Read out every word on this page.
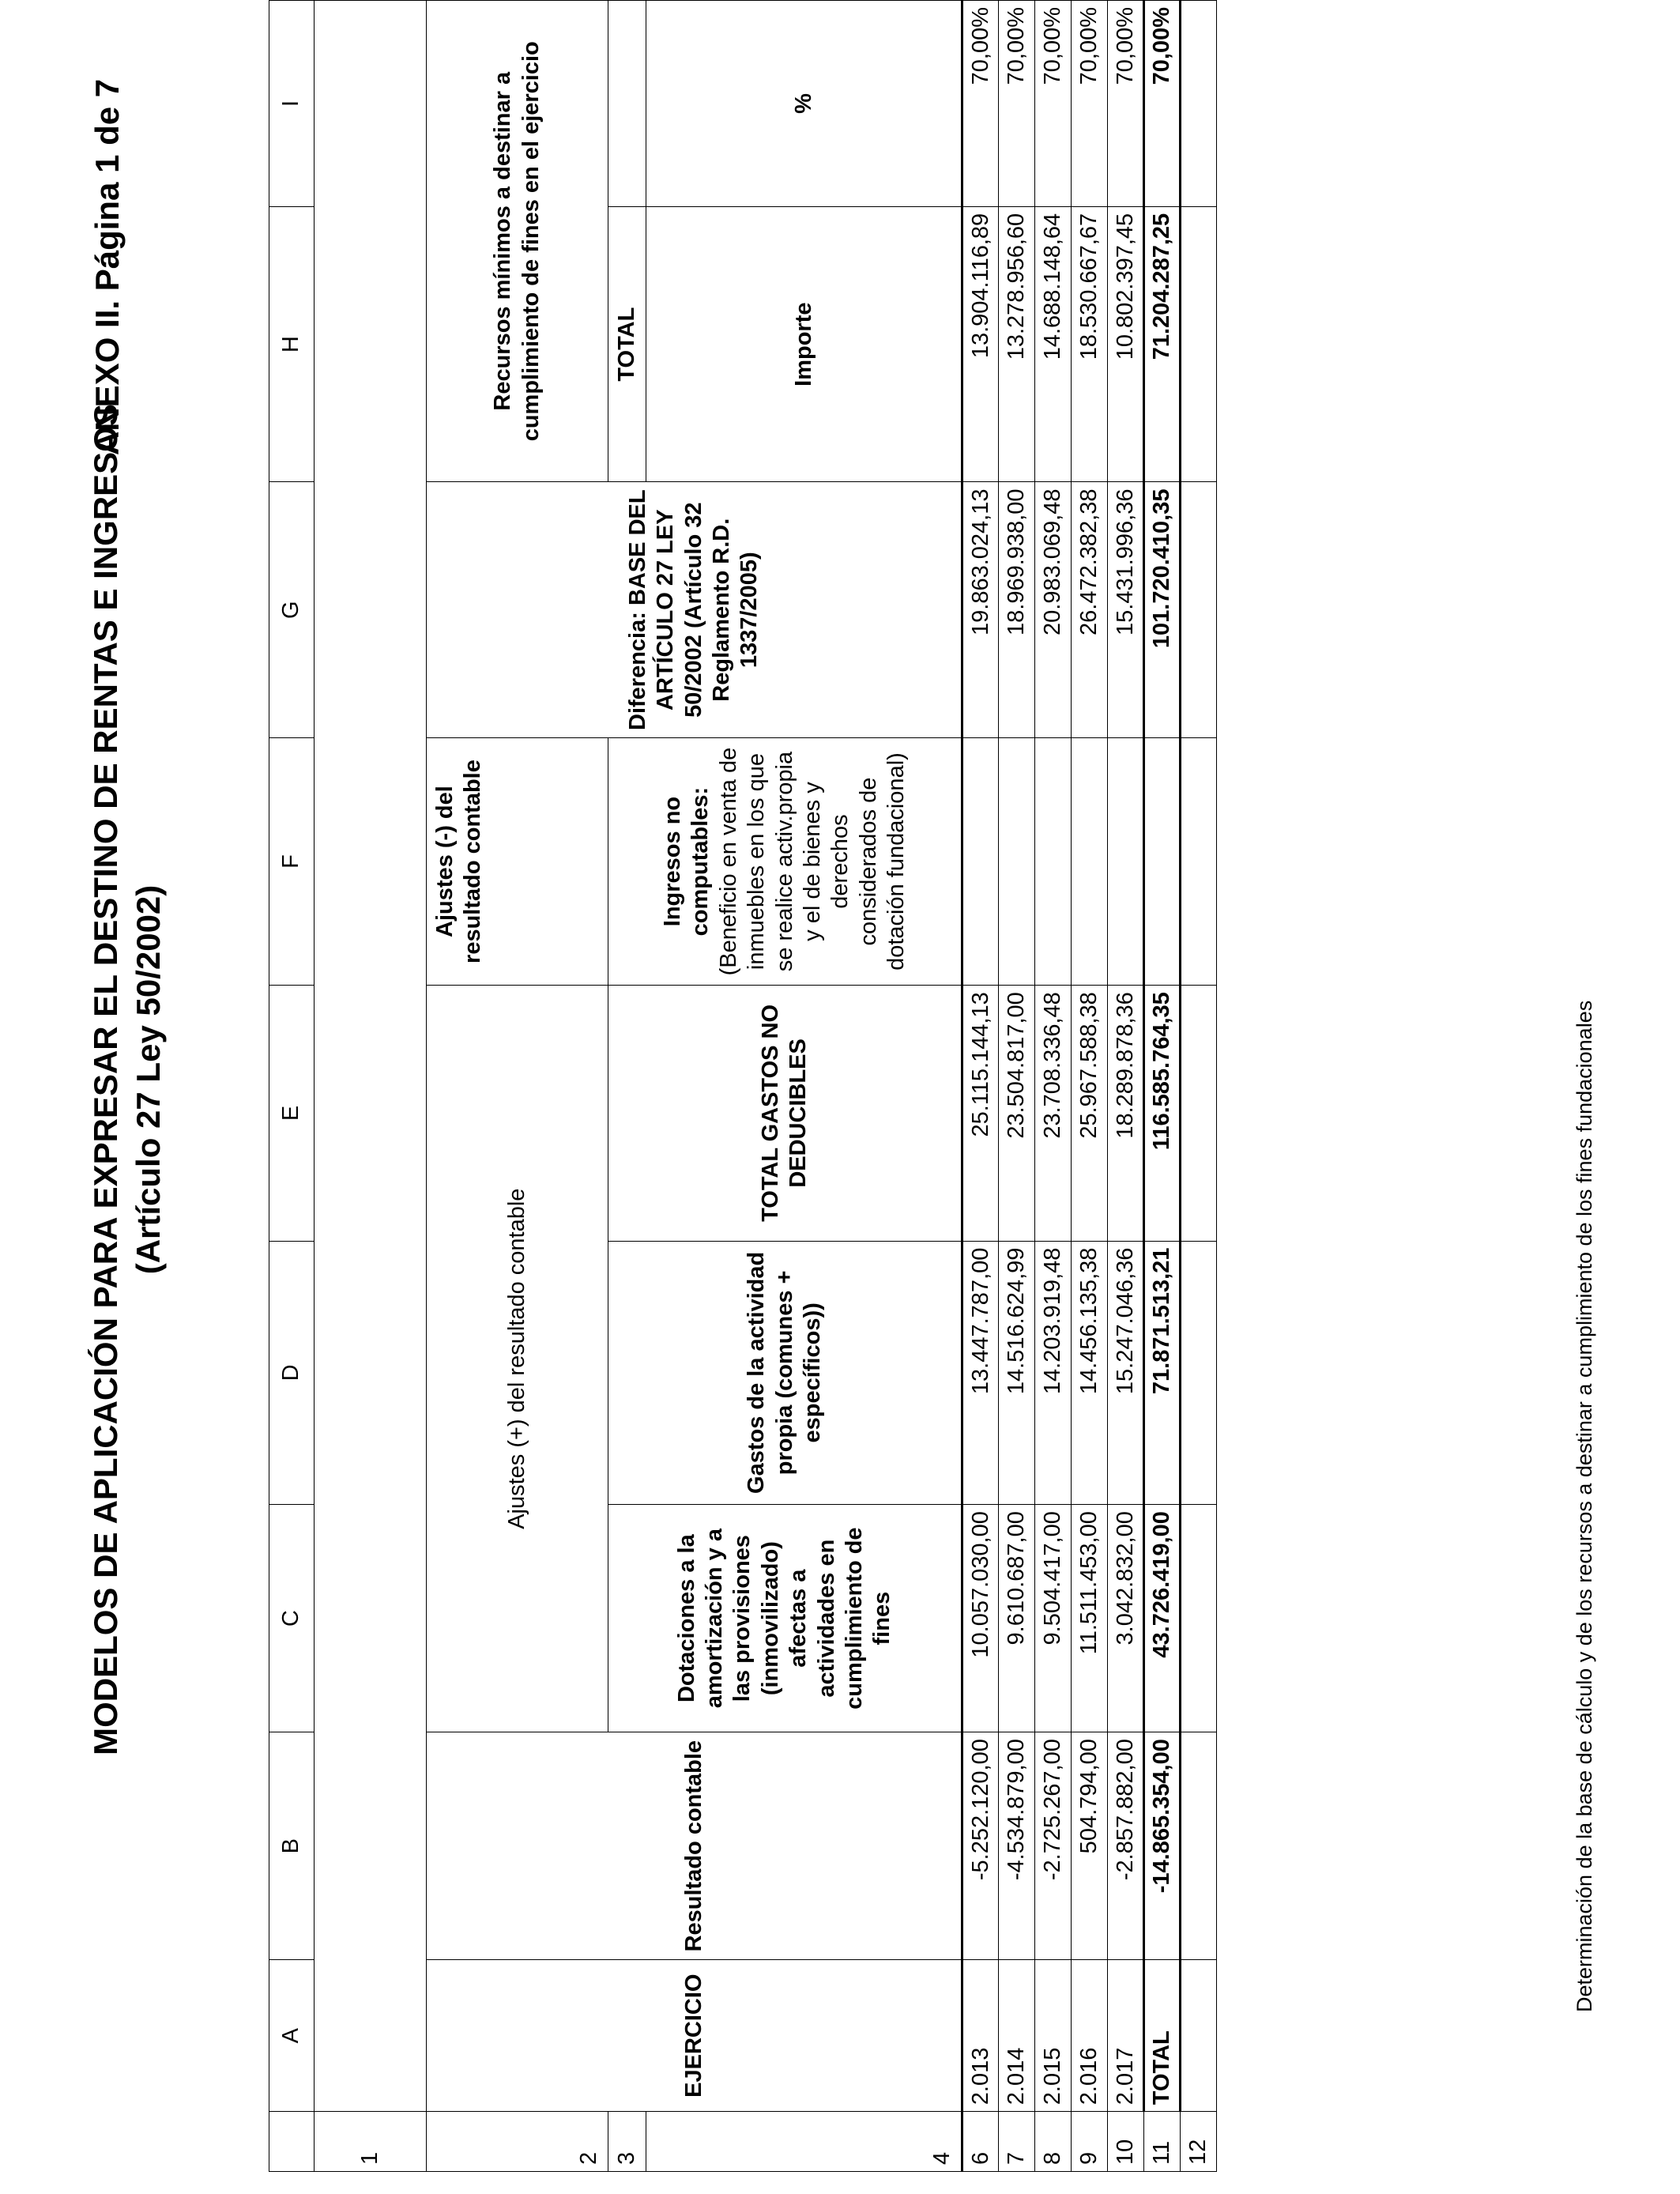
MODELOS DE APLICACIÓN PARA EXPRESAR EL DESTINO DE RENTAS E INGRESOS (Artículo 27 Ley 50/2002)
ANEXO II. Página 1 de 7
	A	B	C	D	E	F	G	H	I
1									
2	EJERCICIO	Resultado contable	Ajustes (+) del resultado contable			Ajustes (-) del resultado contable	Diferencia: BASE DEL ARTÍCULO 27 LEY 50/2002 (Artículo 32 Reglamento R.D. 1337/2005)	Recursos mínimos a destinar a cumplimiento de fines en el ejercicio	
3			Dotaciones a la amortización y a las provisiones (inmovilizado) afectas a actividades en cumplimiento de fines	Gastos de la actividad propia (comunes + específicos))	TOTAL GASTOS NO DEDUCIBLES	Ingresos no computables: (Beneficio en venta de inmuebles en los que se realice activ.propia y el de bienes y derechos considerados de dotación fundacional)		TOTAL	
4								Importe	%
6	2.013	-5.252.120,00	10.057.030,00	13.447.787,00	25.115.144,13		19.863.024,13	13.904.116,89	70,00%
7	2.014	-4.534.879,00	9.610.687,00	14.516.624,99	23.504.817,00		18.969.938,00	13.278.956,60	70,00%
8	2.015	-2.725.267,00	9.504.417,00	14.203.919,48	23.708.336,48		20.983.069,48	14.688.148,64	70,00%
9	2.016	504.794,00	11.511.453,00	14.456.135,38	25.967.588,38		26.472.382,38	18.530.667,67	70,00%
10	2.017	-2.857.882,00	3.042.832,00	15.247.046,36	18.289.878,36		15.431.996,36	10.802.397,45	70,00%
11	TOTAL	-14.865.354,00	43.726.419,00	71.871.513,21	116.585.764,35		101.720.410,35	71.204.287,25	70,00%
12									
Determinación de la base de cálculo y de los recursos a destinar a cumplimiento de los fines fundacionales
